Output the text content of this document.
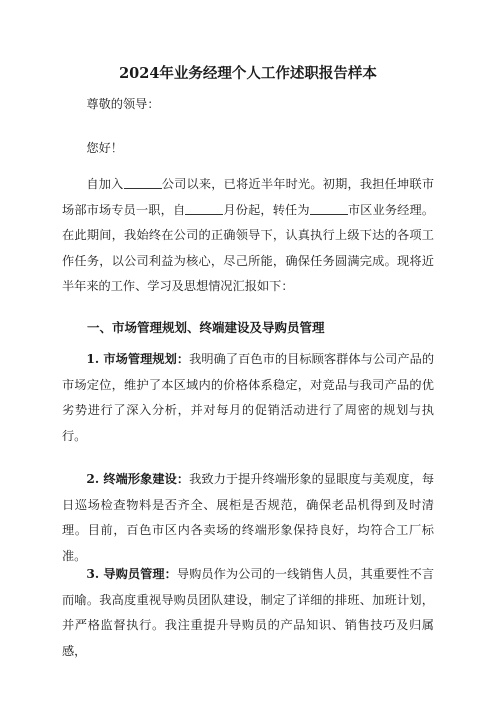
2024年业务经理个人工作述职报告样本

尊敬的领导：

您好！

自加入	公司以来，已将近半年时光。初期，我担任坤联市场部市场专员一职，自	月份起，转任为	市区业务经理。在此期间，我始终在公司的正确领导下，认真执行上级下达的各项工作任务，以公司利益为核心，尽己所能，确保任务圆满完成。现将近半年来的工作、学习及思想情况汇报如下：

一、市场管理规划、终端建设及导购员管理

1. 市场管理规划：我明确了百色市的目标顾客群体与公司产品的市场定位，维护了本区域内的价格体系稳定，对竞品与我司产品的优劣势进行了深入分析，并对每月的促销活动进行了周密的规划与执行。

2. 终端形象建设：我致力于提升终端形象的显眼度与美观度，每日巡场检查物料是否齐全、展柜是否规范，确保老品机得到及时清理。目前，百色市区内各卖场的终端形象保持良好，均符合工厂标准。

3. 导购员管理：导购员作为公司的一线销售人员，其重要性不言而喻。我高度重视导购员团队建设，制定了详细的排班、加班计划，并严格监督执行。我注重提升导购员的产品知识、销售技巧及归属感，
